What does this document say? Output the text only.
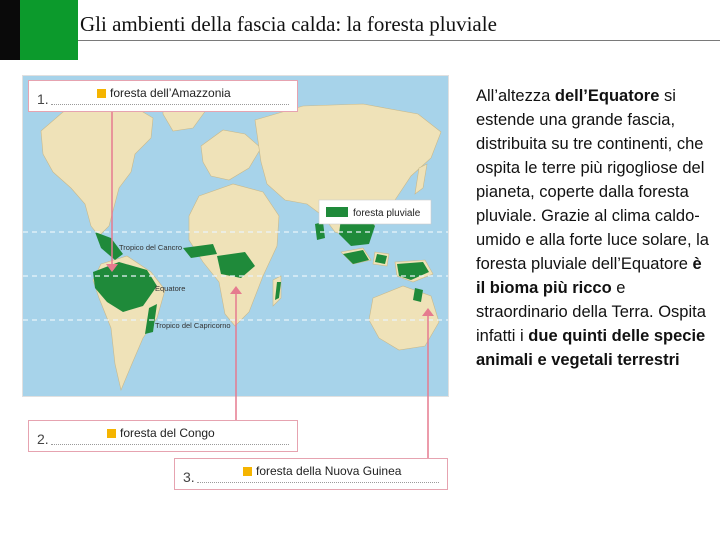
Gli ambienti della fascia calda: la foresta pluviale
Tropico del Cancro
Equatore
Tropico del Capricorno
foresta pluviale
1.	foresta dell’Amazzonia
2.	foresta del Congo
3.	foresta della Nuova Guinea
All’altezza dell’Equatore si estende una grande fascia, distribuita su tre continenti, che ospita le terre più rigogliose del pianeta, coperte dalla foresta pluviale. Grazie al clima caldo-umido e alla forte luce solare, la foresta pluviale dell’Equatore è il bioma più ricco e straordinario della Terra. Ospita infatti i due quinti delle specie animali e vegetali terrestri
